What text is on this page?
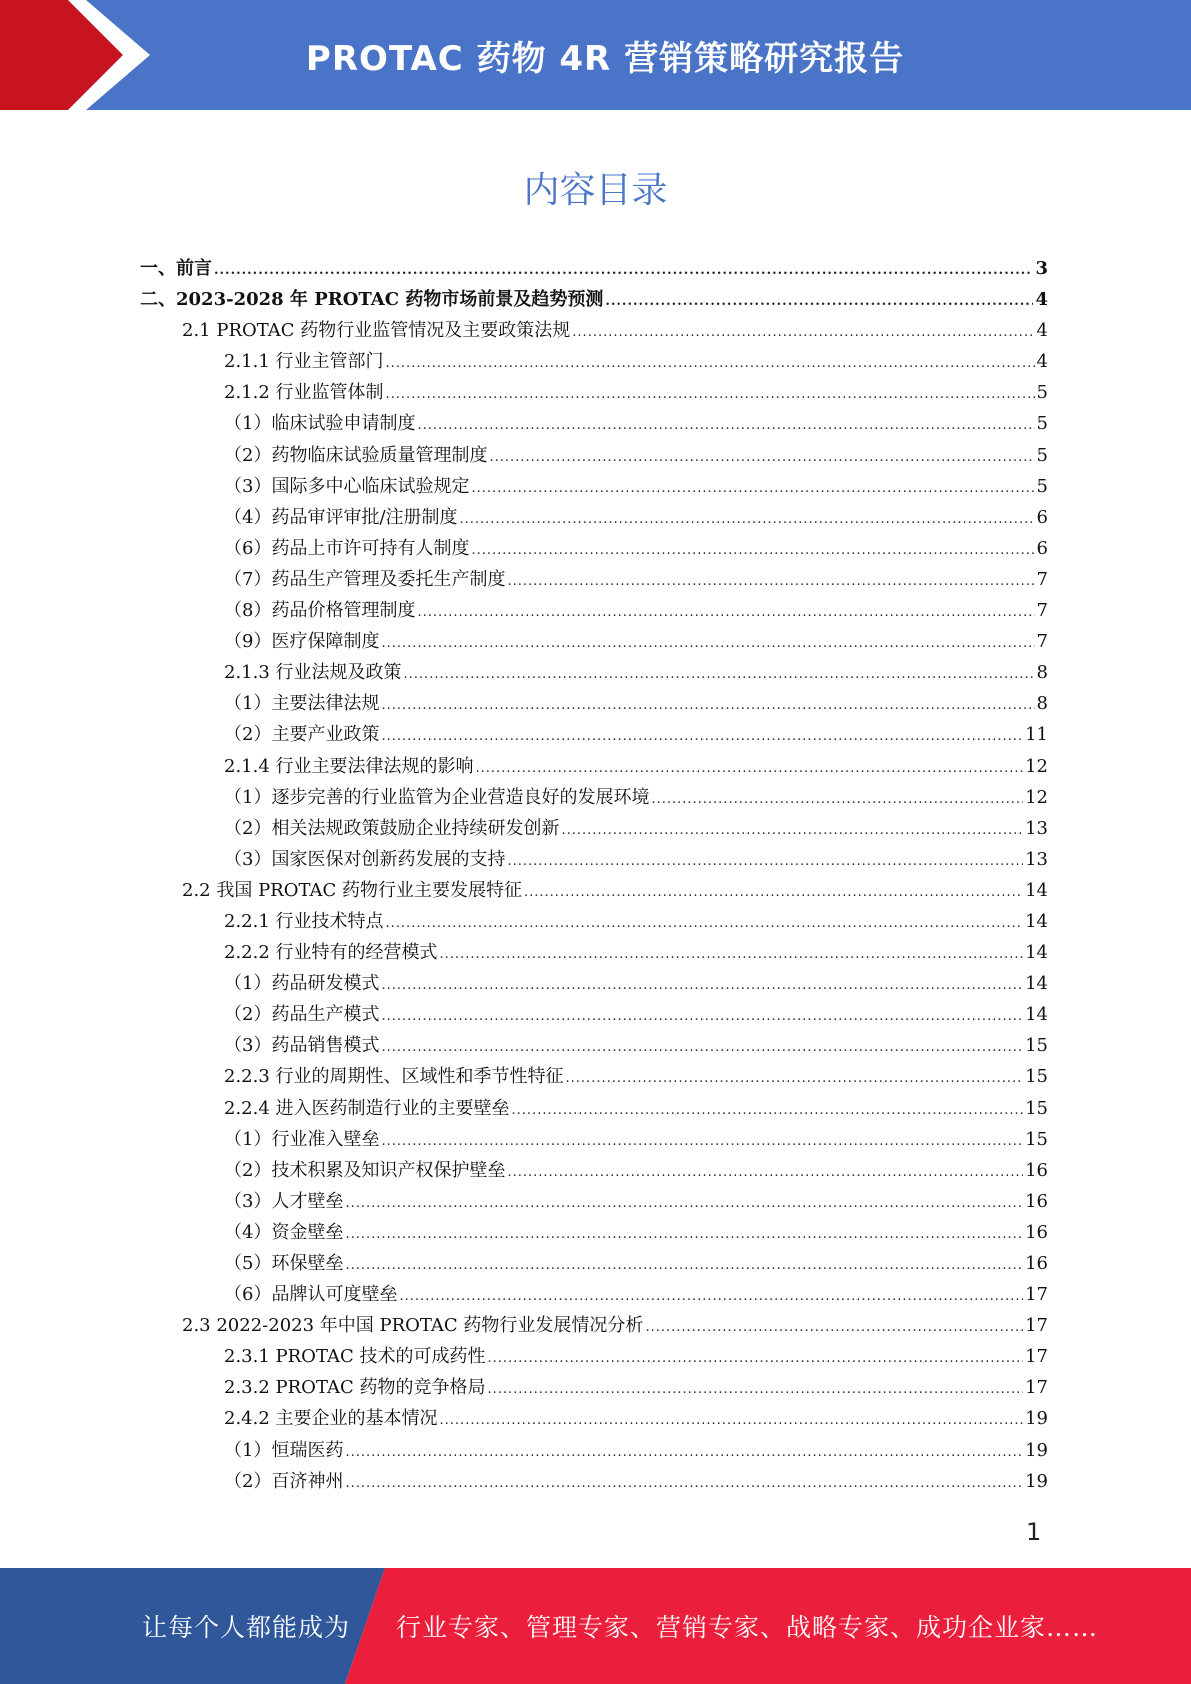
PROTAC 药物 4R 营销策略研究报告
内容目录
一、前言 .....	3
二、2023-2028 年 PROTAC 药物市场前景及趋势预测 .....	4
2.1 PROTAC 药物行业监管情况及主要政策法规 .....	4
2.1.1 行业主管部门 .....	4
2.1.2 行业监管体制 .....	5
（1）临床试验申请制度 .....	5
（2）药物临床试验质量管理制度 .....	5
（3）国际多中心临床试验规定 .....	5
（4）药品审评审批/注册制度 .....	6
（6）药品上市许可持有人制度 .....	6
（7）药品生产管理及委托生产制度 .....	7
（8）药品价格管理制度 .....	7
（9）医疗保障制度 .....	7
2.1.3 行业法规及政策 .....	8
（1）主要法律法规 .....	8
（2）主要产业政策 .....	11
2.1.4 行业主要法律法规的影响 .....	12
（1）逐步完善的行业监管为企业营造良好的发展环境 .....	12
（2）相关法规政策鼓励企业持续研发创新 .....	13
（3）国家医保对创新药发展的支持 .....	13
2.2 我国 PROTAC 药物行业主要发展特征 .....	14
2.2.1 行业技术特点 .....	14
2.2.2 行业特有的经营模式 .....	14
（1）药品研发模式 .....	14
（2）药品生产模式 .....	14
（3）药品销售模式 .....	15
2.2.3 行业的周期性、区域性和季节性特征 .....	15
2.2.4 进入医药制造行业的主要壁垒 .....	15
（1）行业准入壁垒 .....	15
（2）技术积累及知识产权保护壁垒 .....	16
（3）人才壁垒 .....	16
（4）资金壁垒 .....	16
（5）环保壁垒 .....	16
（6）品牌认可度壁垒 .....	17
2.3 2022-2023 年中国 PROTAC 药物行业发展情况分析 .....	17
2.3.1 PROTAC 技术的可成药性 .....	17
2.3.2 PROTAC 药物的竞争格局 .....	17
2.4.2 主要企业的基本情况 .....	19
（1）恒瑞医药 .....	19
（2）百济神州 .....	19
1
让每个人都能成为 行业专家、管理专家、营销专家、战略专家、成功企业家……
